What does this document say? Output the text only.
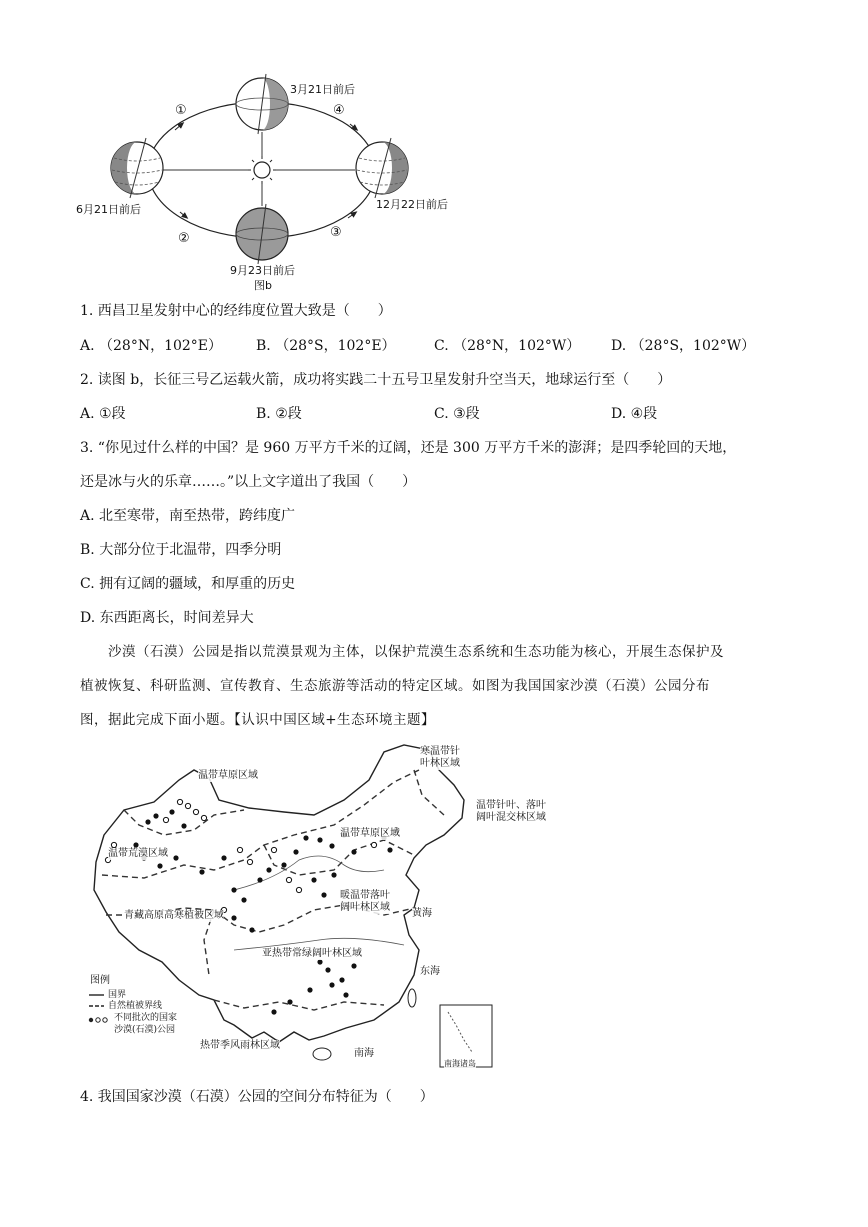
3月21日前后
6月21日前后
9月23日前后
12月22日前后
图b
①
②	③
④
1. 西昌卫星发射中心的经纬度位置大致是（　　）
A. （28°N，102°E） B. （28°S，102°E）	C. （28°N，102°W） D. （28°S，102°W）
2. 读图 b，长征三号乙运载火箭，成功将实践二十五号卫星发射升空当天，地球运行至（　　）
A. ①段	B. ②段	C. ③段	D. ④段
3. “你见过什么样的中国？是 960 万平方千米的辽阔，还是 300 万平方千米的澎湃；是四季轮回的天地，
还是冰与火的乐章……。”以上文字道出了我国（　　）
A. 北至寒带，南至热带，跨纬度广
B. 大部分位于北温带，四季分明
C. 拥有辽阔的疆域，和厚重的历史
D. 东西距离长，时间差异大
沙漠（石漠）公园是指以荒漠景观为主体，以保护荒漠生态系统和生态功能为核心，开展生态保护及
植被恢复、科研监测、宣传教育、生态旅游等活动的特定区域。如图为我国国家沙漠（石漠）公园分布
图，据此完成下面小题。【认识中国区域+生态环境主题】
寒温带针
叶林区域
温带针叶、落叶
阔叶混交林区域
温带草原区域
温带草原区域
温带荒漠区域
青藏高原高寒植被区域
暖温带落叶
阔叶林区域
亚热带常绿阔叶林区域
热带季风雨林区域
黄海
东海
南海
南海诸岛
图例
国界
自然植被界线
不同批次的国家
沙漠(石漠)公园
4. 我国国家沙漠（石漠）公园的空间分布特征为（　　）
